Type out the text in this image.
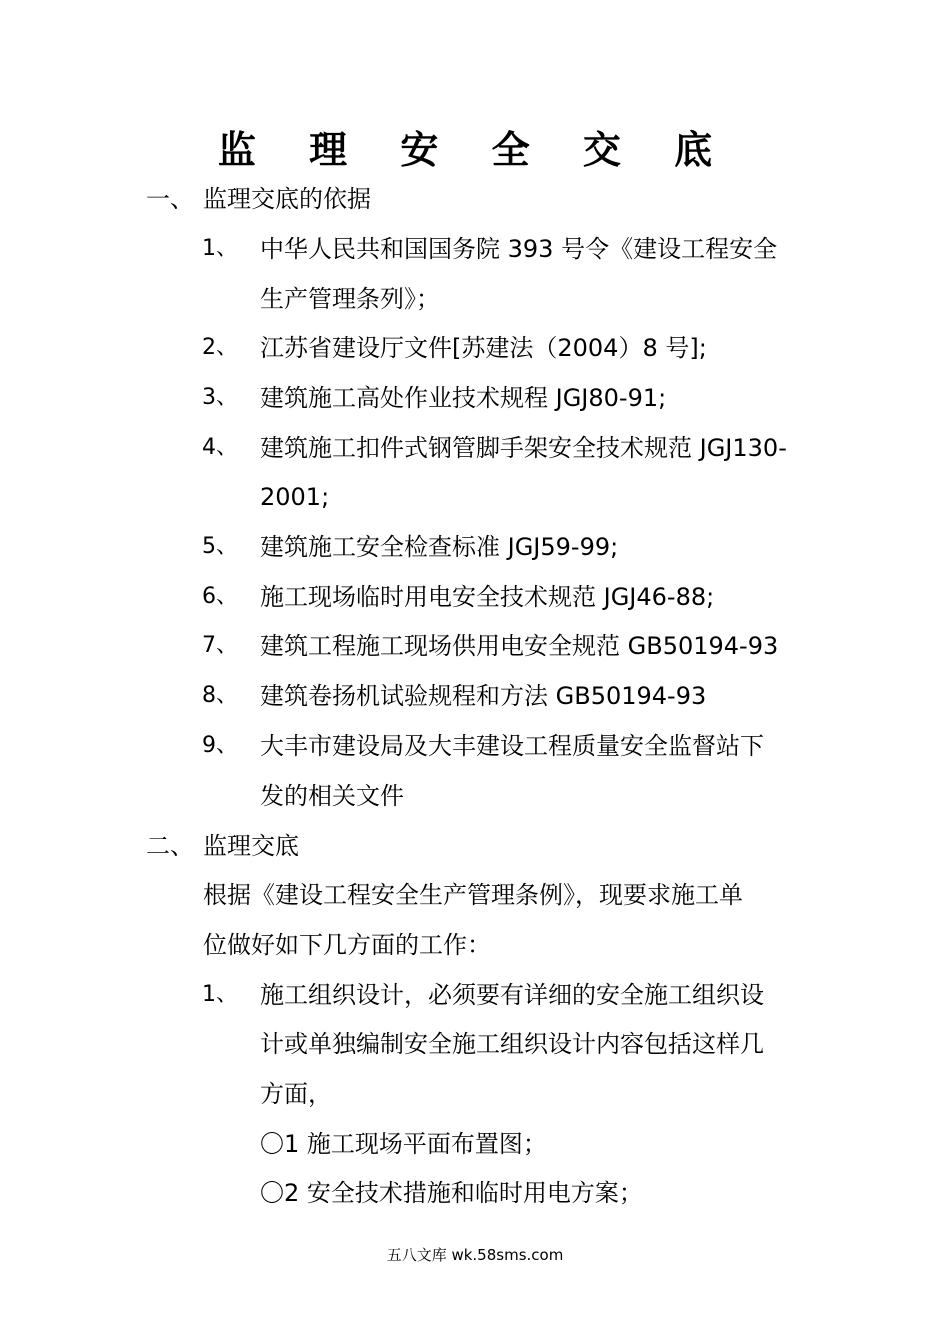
监 理 安 全 交 底
一、 监理交底的依据
1、 中华人民共和国国务院 393 号令《建设工程安全
生产管理条列》；
2、 江苏省建设厅文件[苏建法（2004）8 号];
3、 建筑施工高处作业技术规程 JGJ80-91;
4、 建筑施工扣件式钢管脚手架安全技术规范 JGJ130-
2001;
5、 建筑施工安全检查标准 JGJ59-99;
6、 施工现场临时用电安全技术规范 JGJ46-88;
7、 建筑工程施工现场供用电安全规范 GB50194-93
8、 建筑卷扬机试验规程和方法 GB50194-93
9、 大丰市建设局及大丰建设工程质量安全监督站下
发的相关文件
二、 监理交底
根据《建设工程安全生产管理条例》，现要求施工单
位做好如下几方面的工作：
1、 施工组织设计，必须要有详细的安全施工组织设
计或单独编制安全施工组织设计内容包括这样几
方面，
〇1 施工现场平面布置图；
〇2 安全技术措施和临时用电方案；
五八文库 wk.58sms.com
